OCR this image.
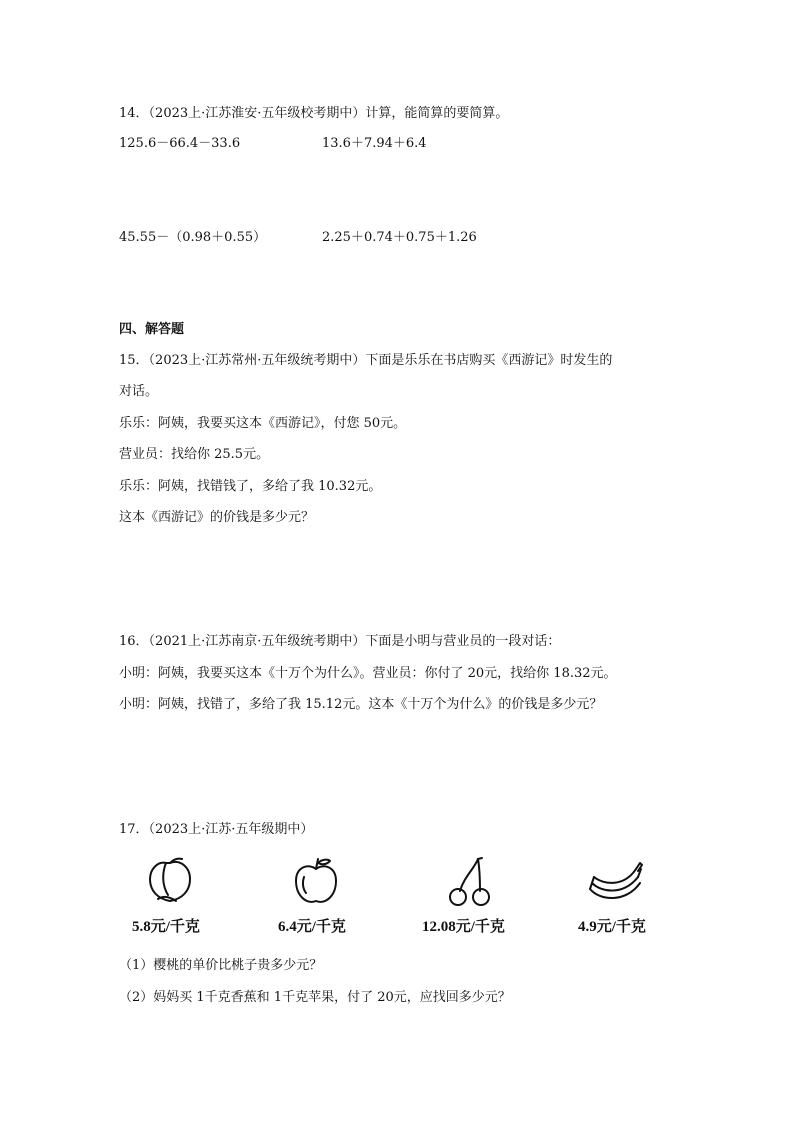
14．（2023上·江苏淮安·五年级校考期中）计算，能简算的要简算。
125.6－66.4－33.6	13.6＋7.94＋6.4
45.55－（0.98＋0.55）	2.25＋0.74＋0.75＋1.26
四、解答题
15．（2023上·江苏常州·五年级统考期中）下面是乐乐在书店购买《西游记》时发生的
对话。
乐乐：阿姨，我要买这本《西游记》，付您 50元。
营业员：找给你 25.5元。
乐乐：阿姨，找错钱了，多给了我 10.32元。
这本《西游记》的价钱是多少元？
16．（2021上·江苏南京·五年级统考期中）下面是小明与营业员的一段对话：
小明：阿姨，我要买这本《十万个为什么》。营业员：你付了 20元，找给你 18.32元。
小明：阿姨，找错了，多给了我 15.12元。这本《十万个为什么》的价钱是多少元？
17．（2023上·江苏·五年级期中）
5.8元/千克	6.4元/千克	12.08元/千克	4.9元/千克
（1）樱桃的单价比桃子贵多少元？
（2）妈妈买 1千克香蕉和 1千克苹果，付了 20元，应找回多少元？
